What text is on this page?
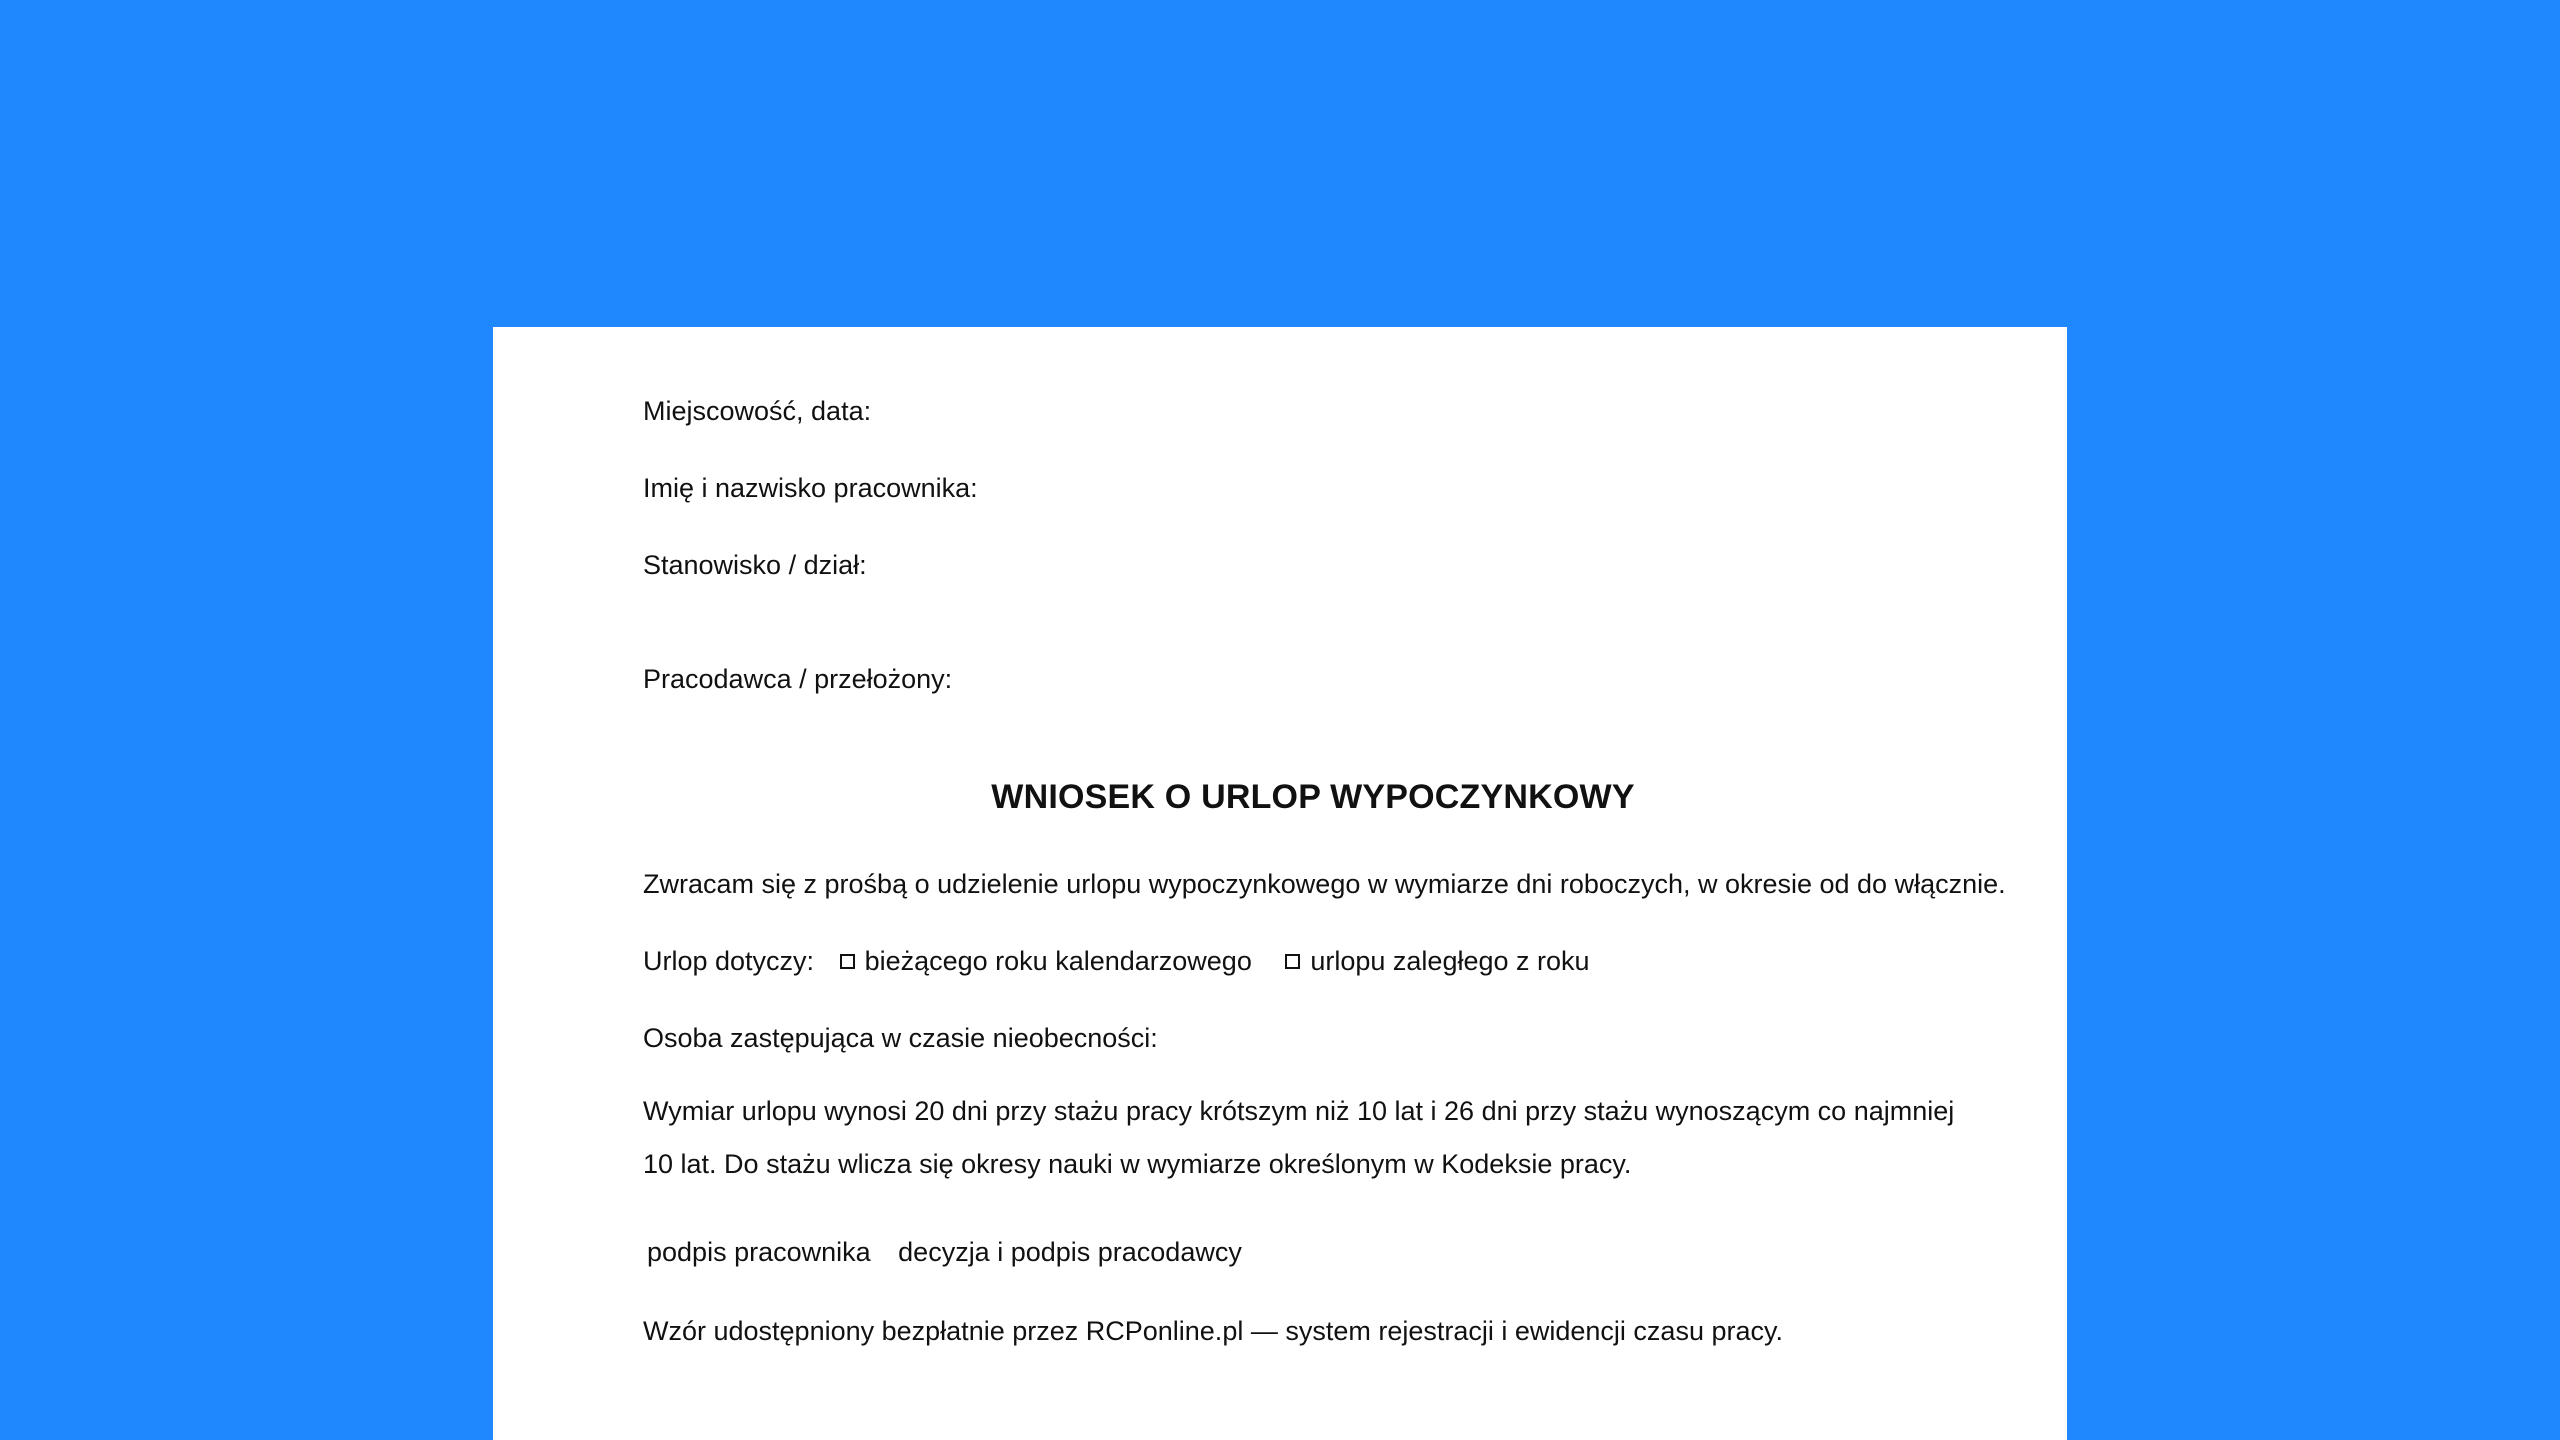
Miejscowość, data:
Imię i nazwisko pracownika:
Stanowisko / dział:
Pracodawca / przełożony:
WNIOSEK O URLOP WYPOCZYNKOWY
Zwracam się z prośbą o udzielenie urlopu wypoczynkowego w wymiarze dni roboczych, w okresie od do włącznie.
Urlop dotyczy: bieżącego roku kalendarzowego urlopu zaległego z roku
Osoba zastępująca w czasie nieobecności:
Wymiar urlopu wynosi 20 dni przy stażu pracy krótszym niż 10 lat i 26 dni przy stażu wynoszącym co najmniej 10 lat. Do stażu wlicza się okresy nauki w wymiarze określonym w Kodeksie pracy.
podpis pracownika decyzja i podpis pracodawcy
Wzór udostępniony bezpłatnie przez RCPonline.pl — system rejestracji i ewidencji czasu pracy.
